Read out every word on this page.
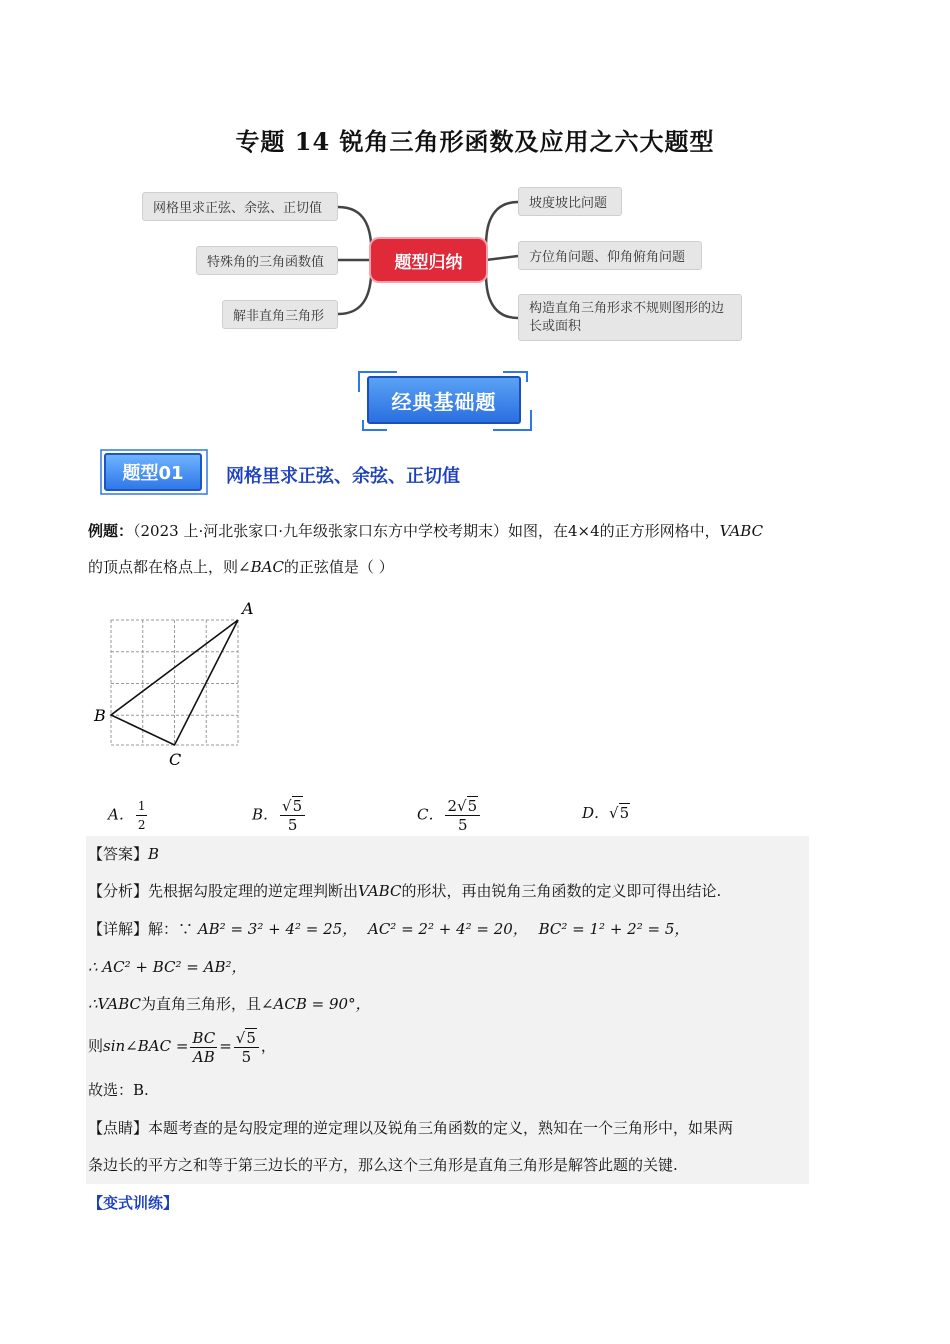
专题 14 锐角三角形函数及应用之六大题型
网格里求正弦、余弦、正切值
特殊角的三角函数值
解非直角三角形
题型归纳
坡度坡比问题
方位角问题、仰角俯角问题
构造直角三角形求不规则图形的边长或面积
经典基础题
题型01	网格里求正弦、余弦、正切值
例题：（2023 上·河北张家口·九年级张家口东方中学校考期末）如图，在4×4的正方形网格中，VABC
的顶点都在格点上，则∠BAC的正弦值是（ ）
A
B
C
A． $\frac{1}{2}$	B． $\frac{√5}{5}$	C． $\frac{2√5}{5}$	D．√5
【答案】B
【分析】先根据勾股定理的逆定理判断出VABC的形状，再由锐角三角函数的定义即可得出结论.
【详解】解：∵ AB² = 3² + 4² = 25， AC² = 2² + 4² = 20， BC² = 1² + 2² = 5，
∴ AC² + BC² = AB²，
∴VABC为直角三角形，且∠ACB = 90°，
则sin∠BAC = $\frac{BC}{AB} = \frac{√5}{5}$ ，
故选：B.
【点睛】本题考查的是勾股定理的逆定理以及锐角三角函数的定义，熟知在一个三角形中，如果两
条边长的平方之和等于第三边长的平方，那么这个三角形是直角三角形是解答此题的关键.
【变式训练】
